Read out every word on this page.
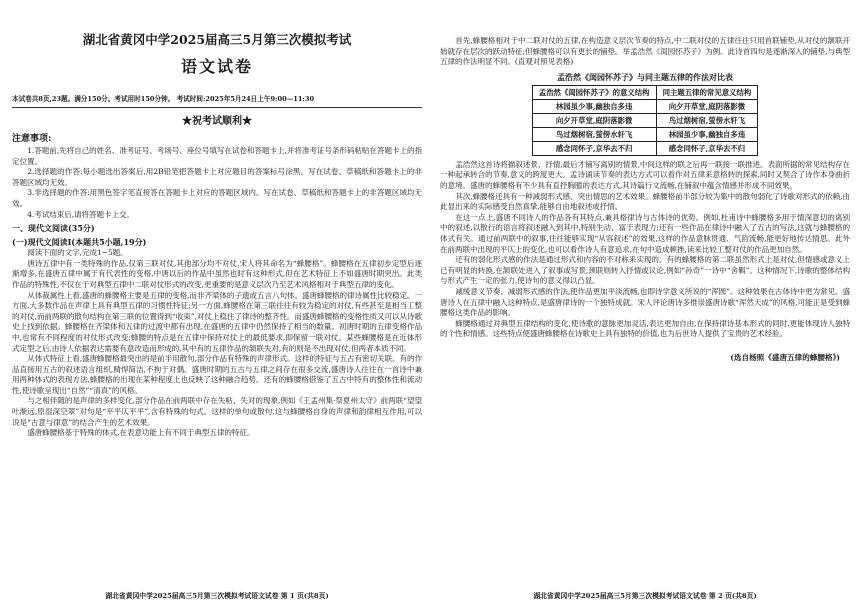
湖北省黄冈中学2025届高三5月第三次模拟考试
语文试卷
本试卷共8页,23题。满分150分。考试用时150分钟。 考试时间:2025年5月24日上午9:00—11:30
★祝考试顺利★
注意事项:

1.答题前,先将自己的姓名、准考证号、考场号、座位号填写在试卷和答题卡上,并将准考证号条形码粘贴在答题卡上的指定位置。

2.选择题的作答:每小题选出答案后,用2B铅笔把答题卡上对应题目的答案标号涂黑。写在试卷、草稿纸和答题卡上的非答题区域均无效。

3.非选择题的作答:用黑色签字笔直接答在答题卡上对应的答题区域内。写在试卷、草稿纸和答题卡上的非答题区域均无效。

4.考试结束后,请将答题卡上交。

一、现代文阅读(35分)
(一)现代文阅读Ⅰ(本题共5小题,19分)

阅读下面的文字,完成1~5题。

唐诗五律中有一类特殊的作品,仅第三联对仗,其他部分均不对仗,宋人将其命名为“蜂腰格”。蜂腰格在五律初步定型后逐渐增多,在盛唐五律中属于有代表性的变格,中唐以后的作品中虽然也时有这种形式,但在艺术特征上不如盛唐时期突出。此类作品的特殊性,不仅在于对典型五律中二联对仗形式的改变,更重要的是意义层次乃至艺术风格相对于典型五律的变化。

从体裁属性上看,盛唐的蜂腰格主要是五律的变格,而非齐梁体的子遗或五言八句体。盛唐蜂腰格的律诗属性比较稳定。一方面,大多数作品在声律上具有典型五律的习惯性特征;另一方面,蜂腰格在第三联往往有较为稳定的对仗,有些甚至是相当工整的对仗,而前两联的散句结构在第三联的位置得到“收束”,对仗上稳住了律诗的整齐性。而盛唐蜂腰格的变格性质又可以从诗歌史上找到依据。蜂腰格在齐梁体和五律的过渡中都有出现,在盛唐的五律中仍然保持了相当的数量。初唐时期的五律变格作品中,也常有不同程度的对仗形式改变;蜂腰的特点是在五律中保持对仗上的最低要求,即保留一联对仗。某些蜂腰格是在近体形式定型之后,由诗人依据表达需要有意改造而形成的,其中有的五律作品的颔联失对,有的则是不出现对仗,但两者本质不同。

从体式特征上看,盛唐蜂腰格最突出的是前半用散句,部分作品有特殊的声律形式。这样的特征与五古有密切关联。有的作品直接用五古的叙述语言组织,精悍简洁,不拘于对偶。盛唐时期的五古与五律之间存在很多交流,盛唐诗人往往在一首诗中兼用两种体式的表现方法,蜂腰格的出现在某种程度上也反映了这种融合趋势。还有的蜂腰格借鉴了五古中特有的整体性和流动性,使诗歌呈现出“自然”“清真”的风格。

与之相伴随的是声律的多样变化,部分作品在前两联中存在失粘、失对的现象,例如《王孟州集·祭夏州太守》前两联“望望叶渐远,原湿深空翠”对句是“平平仄平平”,含有特殊的句式。这样的单句或散句,这与蜂腰格自身的声律和韵律相互作用,可以说是“古意与律意”的结合产生的艺术效果。

盛唐蜂腰格基于特殊的体式,在表意功能上有不同于典型五律的特征。

湖北省黄冈中学2025届高三5月第三次模拟考试语文试卷 第 1 页(共8页)

首先,蜂腰格相对于中二联对仗的五律,在构造意义层次节奏的特点,中二联对仗的五律往往只用首联铺垫,从对仗的颔联开始就存在层次的跃动特征;但蜂腰格可以有更长的铺垫。举孟浩然《闺园怀苏子》为例。此诗首四句是逐渐深入的铺垫,与典型五律的作法明显不同。(直观对照见表格)

孟浩然《闺园怀苏子》与同主题五律的作法对比表
孟浩然《闺园怀苏子》的意义结构	同主题五律的常见意义结构
林园虽少事,幽独自多违	向夕开草堂,庭阴落影微
向夕开草堂,庭阴落影微	鸟过烟树宿,萤傍水轩飞
鸟过烟树宿,萤傍水轩飞	林园虽少事,幽独自多违
感念同怀子,京华去不归	感念同怀子,京华去不归

孟浩然这首诗将描叙述景、抒情,最后才铺写离别的情景,中间这样的联之后再一联接一联推进。表面所据的常见结构存在一种起承转合的节奏,意义的跨度更大。孟诗诵读节奏的表达方式可以看作对五律来意格转的探索,同时又契合了诗作本身曲折的意境。盛唐的蜂腰格有不少具有直抒胸臆的表达方式,其诗篇行文流畅,在铺叙中蕴含情感并形成不同效果。

其次,蜂腰格还具有一种减弱形式感、突出情思的艺术效果。蜂腰格前半部分较为集中的散句弱化了诗歌对形式的依赖,由此显出来的实际感受自然真挚,能够自由地叙述或抒情。

在这一点上,盛唐不同诗人的作品各有其特点,兼具格律诗与古体诗的优势。例如,杜甫诗中蜂腰格多用于情深意切的离别中的叙述,以散行的语言将叙述融入到其中,特别生动、富于表现力;还有一些作品在律诗中融入了五古的写法,这就与蜂腰格的体式有关。通过前两联中的叙事,往往能够实现“从容叙述”的效果,这样的作品意脉贯通、气韵流畅,能更好地传达情思。此外在前两联中出现的平仄上的变化,也可以看作诗人有意追求,在句中造成顿挫,读来比较工整对仗的作品更加自然。

还有的弱化形式感的作法是通过形式和内容的不对称来实现的。有的蜂腰格的第二联虽然形式上是对仗,但情感或意义上已有明显的转换,在颔联处进入了叙事或写景,颈联则转入抒情或议论,例如“孙奇”一诗中“舍羁”。这种情况下,诗歌的整体结构与形式产生一定的张力,使诗句的意义得以凸显。

减缓意义节奏、减弱形式感的作法,使作品更加平淡流畅,也即诗学意义所说的“浑圆”。这种效果在古体诗中更为常见。盛唐诗人在五律中融入这种特点,是盛唐律诗的一个独特成就。宋人评论唐诗多推崇盛唐诗歌“浑然天成”的风格,可能正是受到蜂腰格这类作品的影响。

蜂腰格通过对典型五律结构的变化,使诗歌的意脉更加灵活,表达更加自由,在保持律诗基本形式的同时,更能体现诗人独特的个性和情感。这些特点使盛唐蜂腰格在诗歌史上具有独特的价值,也为后世诗人提供了宝贵的艺术经验。

(选自杨照《盛唐五律的蜂腰格》)
湖北省黄冈中学2025届高三5月第三次模拟考试语文试卷 第 2 页(共8页)
